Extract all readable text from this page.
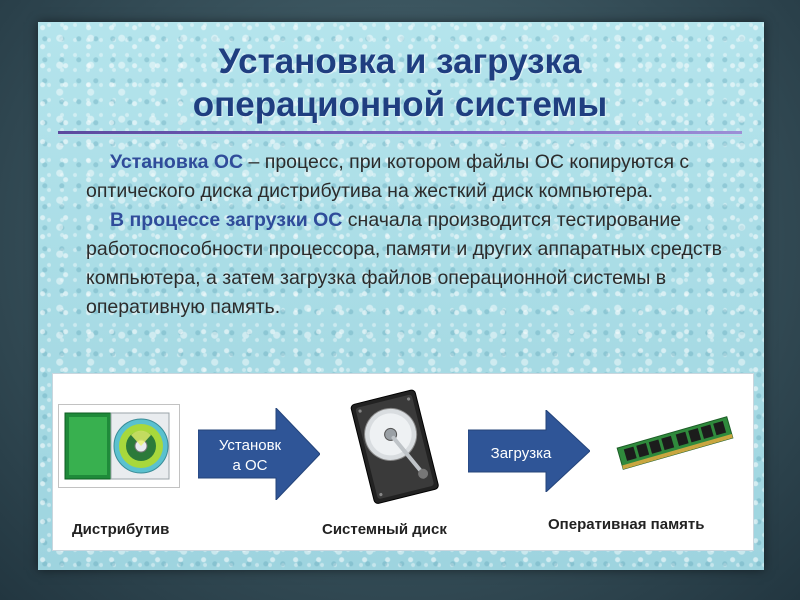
Установка и загрузка
операционной системы

Установка ОС – процесс, при котором файлы ОС копируются с оптического диска дистрибутива на жесткий диск компьютера.

В процессе загрузки ОС сначала производится тестирование работоспособности процессора, памяти и других аппаратных средств компьютера, а затем загрузка файлов операционной системы в оперативную память.

Дистрибутив
Установк
а ОС
Системный диск
Загрузка
Оперативная память
